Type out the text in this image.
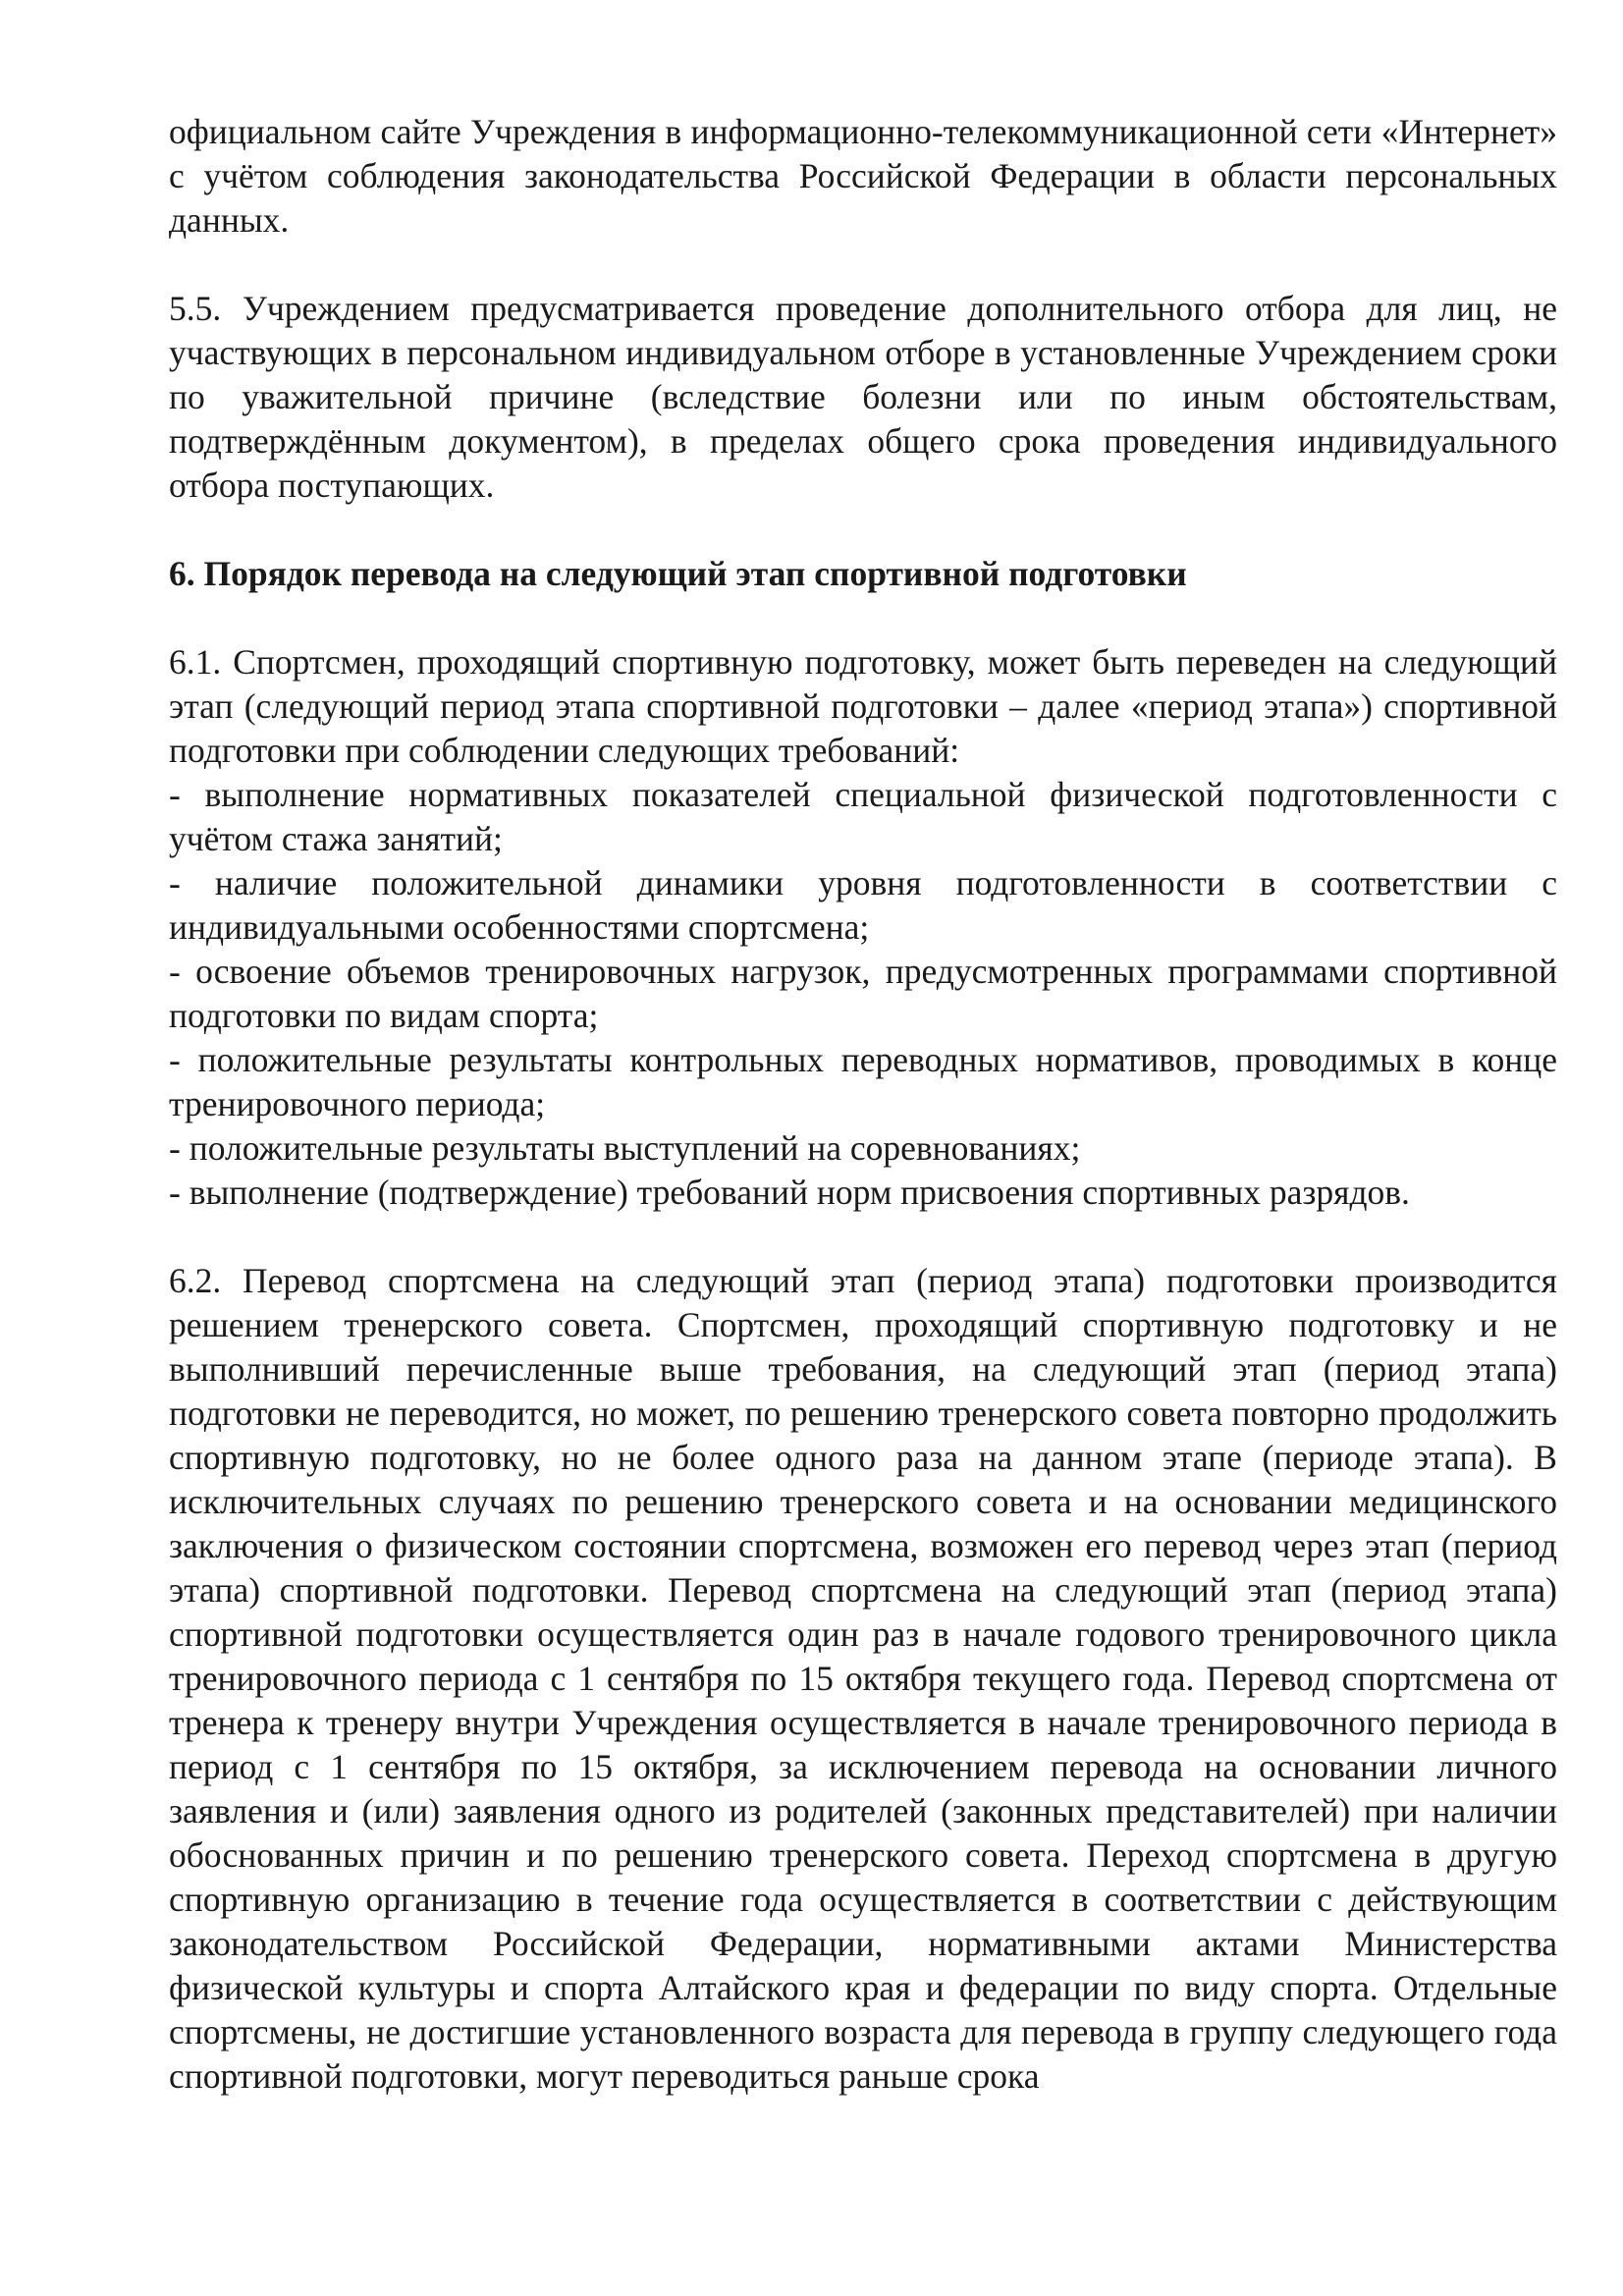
официальном сайте Учреждения в информационно-телекоммуникационной сети «Интернет» с учётом соблюдения законодательства Российской Федерации в области персональных данных.

5.5. Учреждением предусматривается проведение дополнительного отбора для лиц, не участвующих в персональном индивидуальном отборе в установленные Учреждением сроки по уважительной причине (вследствие болезни или по иным обстоятельствам, подтверждённым документом), в пределах общего срока проведения индивидуального отбора поступающих.

6. Порядок перевода на следующий этап спортивной подготовки

6.1. Спортсмен, проходящий спортивную подготовку, может быть переведен на следующий этап (следующий период этапа спортивной подготовки – далее «период этапа») спортивной подготовки при соблюдении следующих требований:

- выполнение нормативных показателей специальной физической подготовленности с учётом стажа занятий;

- наличие положительной динамики уровня подготовленности в соответствии с индивидуальными особенностями спортсмена;

- освоение объемов тренировочных нагрузок, предусмотренных программами спортивной подготовки по видам спорта;

- положительные результаты контрольных переводных нормативов, проводимых в конце тренировочного периода;

- положительные результаты выступлений на соревнованиях;

- выполнение (подтверждение) требований норм присвоения спортивных разрядов.

6.2. Перевод спортсмена на следующий этап (период этапа) подготовки производится решением тренерского совета. Спортсмен, проходящий спортивную подготовку и не выполнивший перечисленные выше требования, на следующий этап (период этапа) подготовки не переводится, но может, по решению тренерского совета повторно продолжить спортивную подготовку, но не более одного раза на данном этапе (периоде этапа). В исключительных случаях по решению тренерского совета и на основании медицинского заключения о физическом состоянии спортсмена, возможен его перевод через этап (период этапа) спортивной подготовки. Перевод спортсмена на следующий этап (период этапа) спортивной подготовки осуществляется один раз в начале годового тренировочного цикла тренировочного периода с 1 сентября по 15 октября текущего года. Перевод спортсмена от тренера к тренеру внутри Учреждения осуществляется в начале тренировочного периода в период с 1 сентября по 15 октября, за исключением перевода на основании личного заявления и (или) заявления одного из родителей (законных представителей) при наличии обоснованных причин и по решению тренерского совета. Переход спортсмена в другую спортивную организацию в течение года осуществляется в соответствии с действующим законодательством Российской Федерации, нормативными актами Министерства физической культуры и спорта Алтайского края и федерации по виду спорта. Отдельные спортсмены, не достигшие установленного возраста для перевода в группу следующего года спортивной подготовки, могут переводиться раньше срока
